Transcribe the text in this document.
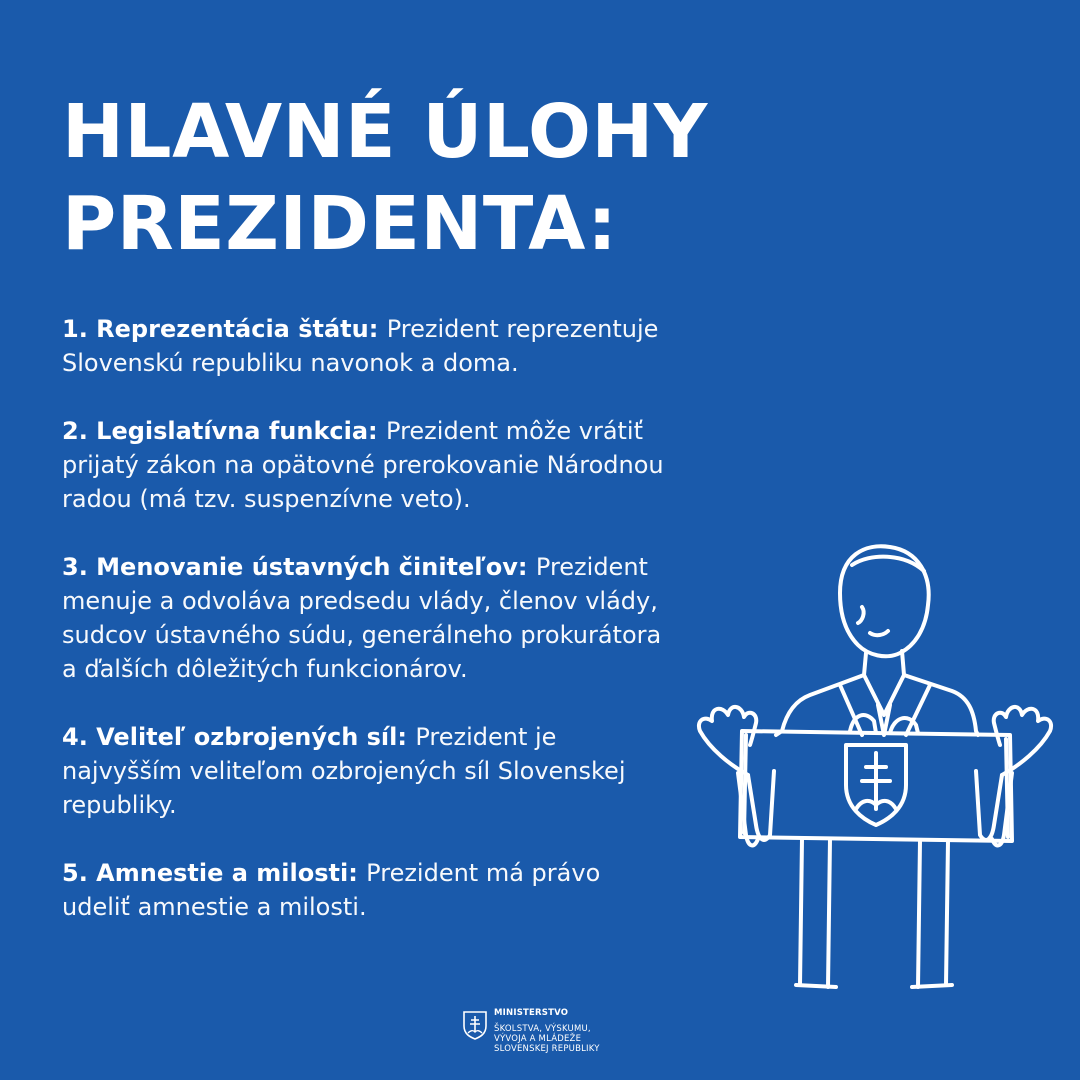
HLAVNÉ ÚLOHY
PREZIDENTA:
1. Reprezentácia štátu: Prezident reprezentuje Slovenskú republiku navonok a doma.
2. Legislatívna funkcia: Prezident môže vrátiť prijatý zákon na opätovné prerokovanie Národnou radou (má tzv. suspenzívne veto).
3. Menovanie ústavných činiteľov: Prezident menuje a odvoláva predsedu vlády, členov vlády, sudcov ústavného súdu, generálneho prokurátora a ďalších dôležitých funkcionárov.
4. Veliteľ ozbrojených síl: Prezident je najvyšším veliteľom ozbrojených síl Slovenskej republiky.
5. Amnestie a milosti: Prezident má právo udeliť amnestie a milosti.
MINISTERSTVO
ŠKOLSTVA, VÝSKUMU,
VÝVOJA A MLÁDEŽE
SLOVENSKEJ REPUBLIKY
